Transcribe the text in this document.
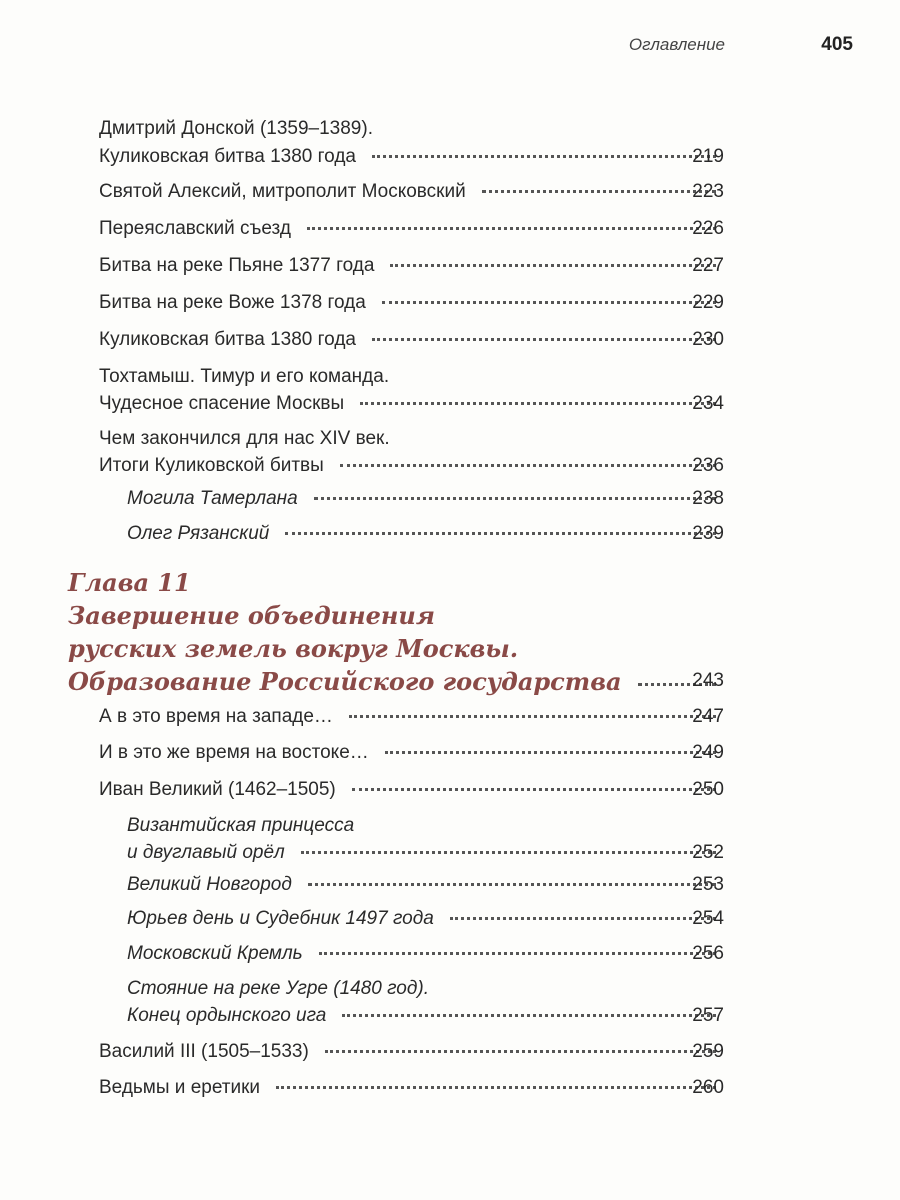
Оглавление	405
Дмитрий Донской (1359–1389).
Куликовская битва 1380 года	219
Святой Алексий, митрополит Московский	223
Переяславский съезд	226
Битва на реке Пьяне 1377 года	227
Битва на реке Воже 1378 года	229
Куликовская битва 1380 года	230
Тохтамыш. Тимур и его команда.
Чудесное спасение Москвы	234
Чем закончился для нас XIV век.
Итоги Куликовской битвы	236
Могила Тамерлана	238
Олег Рязанский	239
Глава 11
Завершение объединения
русских земель вокруг Москвы.
Образование Российского государства	243
А в это время на западе…	247
И в это же время на востоке…	249
Иван Великий (1462–1505)	250
Византийская принцесса
и двуглавый орёл	252
Великий Новгород	253
Юрьев день и Судебник 1497 года	254
Московский Кремль	256
Стояние на реке Угре (1480 год).
Конец ордынского ига	257
Василий III (1505–1533)	259
Ведьмы и еретики	260
